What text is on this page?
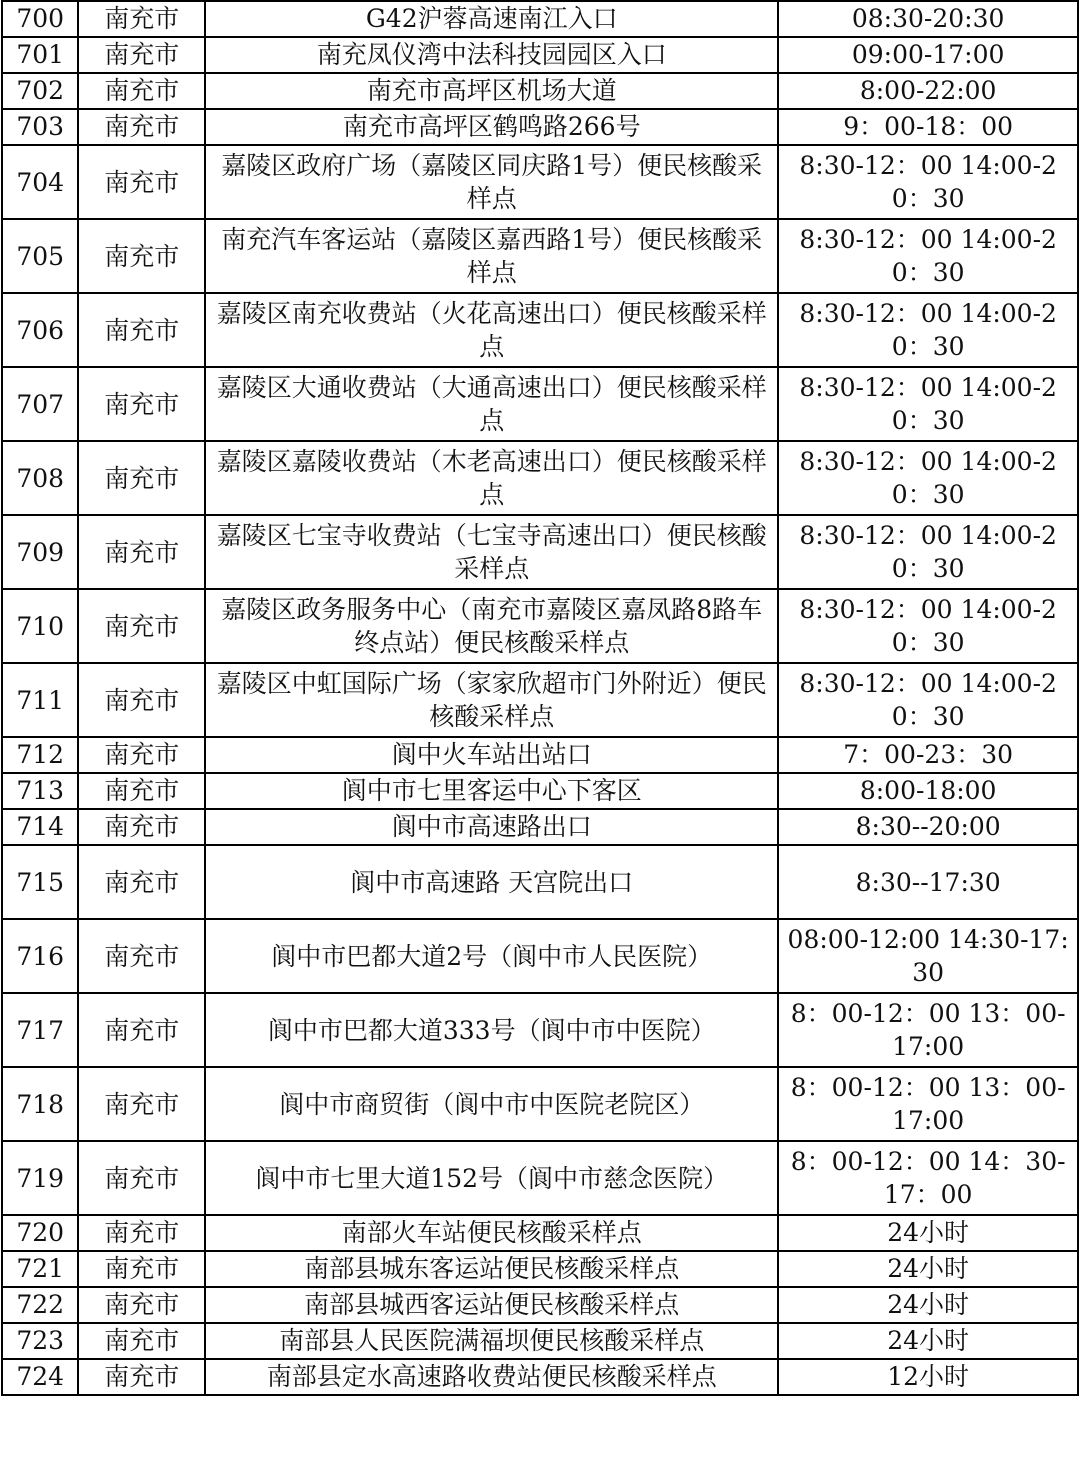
700	南充市	G42沪蓉高速南江入口	08:30-20:30
701	南充市	南充凤仪湾中法科技园园区入口	09:00-17:00
702	南充市	南充市高坪区机场大道	8:00-22:00
703	南充市	南充市高坪区鹤鸣路266号	9：00-18：00
704	南充市	嘉陵区政府广场（嘉陵区同庆路1号）便民核酸采样点	8:30-12：00 14:00-20：30

705	南充市	南充汽车客运站（嘉陵区嘉西路1号）便民核酸采样点	8:30-12：00 14:00-20：30

706	南充市	嘉陵区南充收费站（火花高速出口）便民核酸采样点	8:30-12：00 14:00-20：30

707	南充市	嘉陵区大通收费站（大通高速出口）便民核酸采样点	8:30-12：00 14:00-20：30

708	南充市	嘉陵区嘉陵收费站（木老高速出口）便民核酸采样点	8:30-12：00 14:00-20：30

709	南充市	嘉陵区七宝寺收费站（七宝寺高速出口）便民核酸采样点	8:30-12：00 14:00-20：30

710	南充市	嘉陵区政务服务中心（南充市嘉陵区嘉凤路8路车终点站）便民核酸采样点	8:30-12：00 14:00-20：30

711	南充市	嘉陵区中虹国际广场（家家欣超市门外附近）便民核酸采样点	8:30-12：00 14:00-20：30

712	南充市	阆中火车站出站口	7：00-23：30
713	南充市	阆中市七里客运中心下客区	8:00-18:00
714	南充市	阆中市高速路出口	8:30--20:00
715	南充市	阆中市高速路 天宫院出口	8:30--17:30
716	南充市	阆中市巴都大道2号（阆中市人民医院）	08:00-12:00 14:30-17:30

717	南充市	阆中市巴都大道333号（阆中市中医院）	8：00-12：00 13：00-17:00

718	南充市	阆中市商贸街（阆中市中医院老院区）	8：00-12：00 13：00-17:00

719	南充市	阆中市七里大道152号（阆中市慈念医院）	8：00-12：00 14：30-17：00

720	南充市	南部火车站便民核酸采样点	24小时
721	南充市	南部县城东客运站便民核酸采样点	24小时
722	南充市	南部县城西客运站便民核酸采样点	24小时
723	南充市	南部县人民医院满福坝便民核酸采样点	24小时
724	南充市	南部县定水高速路收费站便民核酸采样点	12小时
